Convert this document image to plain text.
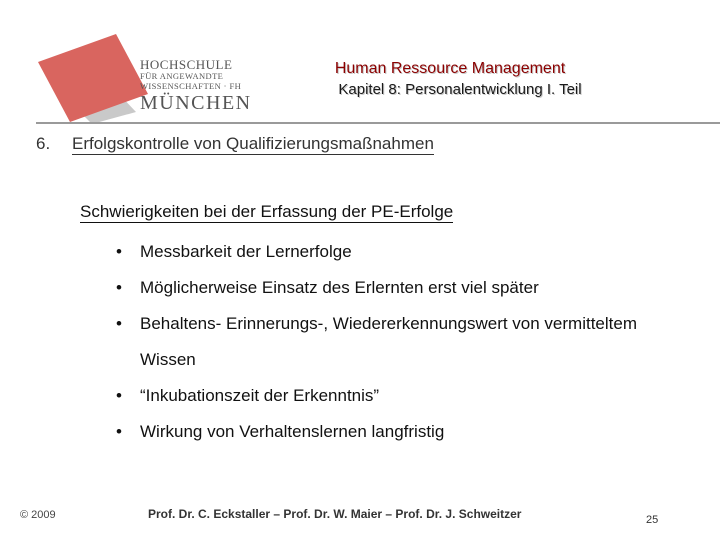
HOCHSCHULE
FÜR ANGEWANDTE
WISSENSCHAFTEN · FH
MÜNCHEN
Human Ressource Management
Kapitel 8: Personalentwicklung I. Teil
6. Erfolgskontrolle von Qualifizierungsmaßnahmen
Schwierigkeiten bei der Erfassung der PE-Erfolge
• Messbarkeit der Lernerfolge
• Möglicherweise Einsatz des Erlernten erst viel später
• Behaltens- Erinnerungs-, Wiedererkennungswert von vermitteltem Wissen
• “Inkubationszeit der Erkenntnis”
• Wirkung von Verhaltenslernen langfristig
© 2009	Prof. Dr. C. Eckstaller – Prof. Dr. W. Maier – Prof. Dr. J. Schweitzer	25
